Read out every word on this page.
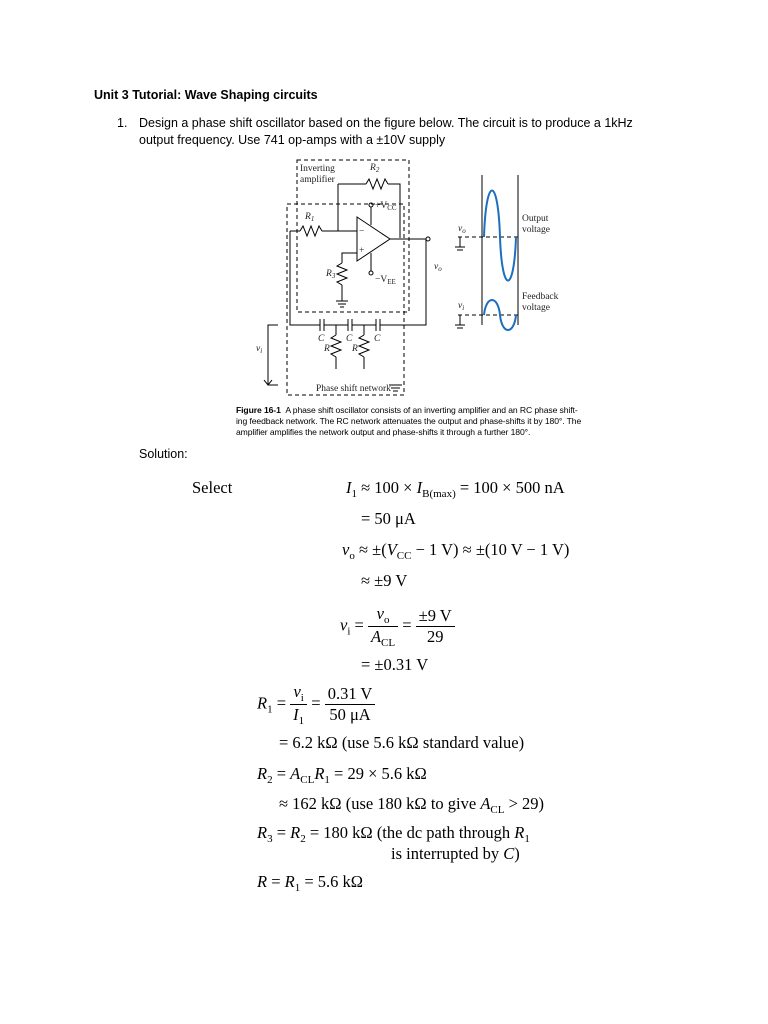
Unit 3 Tutorial: Wave Shaping circuits
1. Design a phase shift oscillator based on the figure below. The circuit is to produce a 1kHz
output frequency. Use 741 op-amps with a ±10V supply
Inverting
amplifier
$R_2$
$R_1$
$R_3$
$+V_{CC}$
$-V_{EE}$
−
+
$v_o$
$v_i$
C C C
R R
Phase shift network
$v_o$
$v_i$
Output
voltage
Feedback
voltage
Figure 16-1 A phase shift oscillator consists of an inverting amplifier and an RC phase shift-
ing feedback network. The RC network attenuates the output and phase-shifts it by 180°. The
amplifier amplifies the network output and phase-shifts it through a further 180°.
Solution:
Select	$I_1 \approx 100 \times I_{B(max)} = 100 \times 500$ nA
= 50 μA
$v_o \approx \pm(V_{CC} - 1$ V) ≈ ±(10 V − 1 V)
≈ ±9 V
$v_i = \frac{v_o}{A_{CL}} = \frac{\pm 9 V}{29}$
= ±0.31 V
$R_1 = \frac{v_i}{I_1} = \frac{0.31 V}{50 \mu A}$
= 6.2 kΩ (use 5.6 kΩ standard value)
$R_2 = A_{CL}R_1 = 29 \times 5.6$ kΩ
≈ 162 kΩ (use 180 kΩ to give $A_{CL} > 29$)
$R_3 = R_2 = 180$ kΩ (the dc path through $R_1$
is interrupted by C)
$R = R_1 = 5.6$ kΩ
